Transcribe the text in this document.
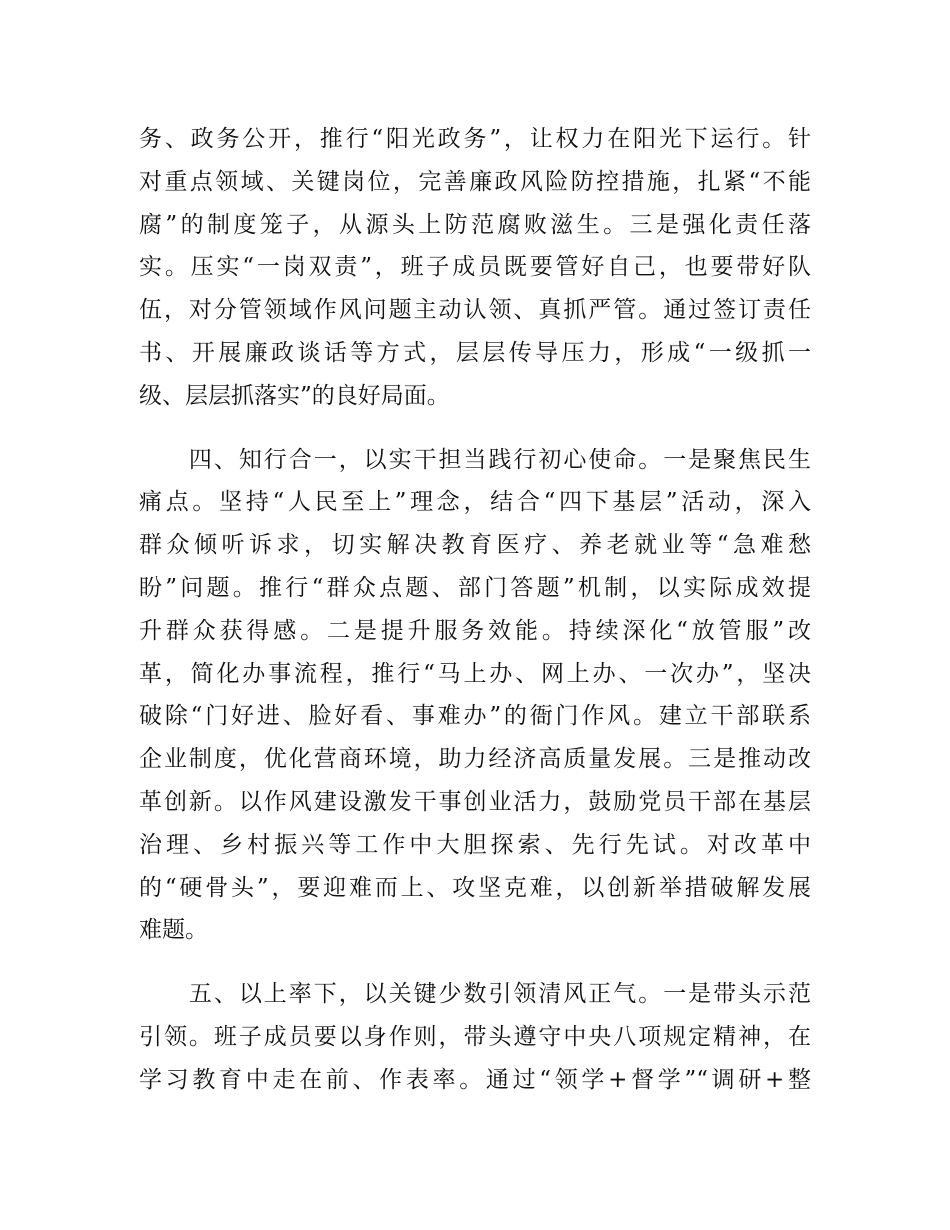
务、政务公开，推行“阳光政务”，让权力在阳光下运行。针
对重点领域、关键岗位，完善廉政风险防控措施，扎紧“不能
腐”的制度笼子，从源头上防范腐败滋生。三是强化责任落
实。压实“一岗双责”，班子成员既要管好自己，也要带好队
伍，对分管领域作风问题主动认领、真抓严管。通过签订责任
书、开展廉政谈话等方式，层层传导压力，形成“一级抓一
级、层层抓落实”的良好局面。
　　四、知行合一，以实干担当践行初心使命。一是聚焦民生
痛点。坚持“人民至上”理念，结合“四下基层”活动，深入
群众倾听诉求，切实解决教育医疗、养老就业等“急难愁
盼”问题。推行“群众点题、部门答题”机制，以实际成效提
升群众获得感。二是提升服务效能。持续深化“放管服”改
革，简化办事流程，推行“马上办、网上办、一次办”，坚决
破除“门好进、脸好看、事难办”的衙门作风。建立干部联系
企业制度，优化营商环境，助力经济高质量发展。三是推动改
革创新。以作风建设激发干事创业活力，鼓励党员干部在基层
治理、乡村振兴等工作中大胆探索、先行先试。对改革中
的“硬骨头”，要迎难而上、攻坚克难，以创新举措破解发展
难题。
　　五、以上率下，以关键少数引领清风正气。一是带头示范
引领。班子成员要以身作则，带头遵守中央八项规定精神，在
学习教育中走在前、作表率。通过“领学+督学”“调研+整
